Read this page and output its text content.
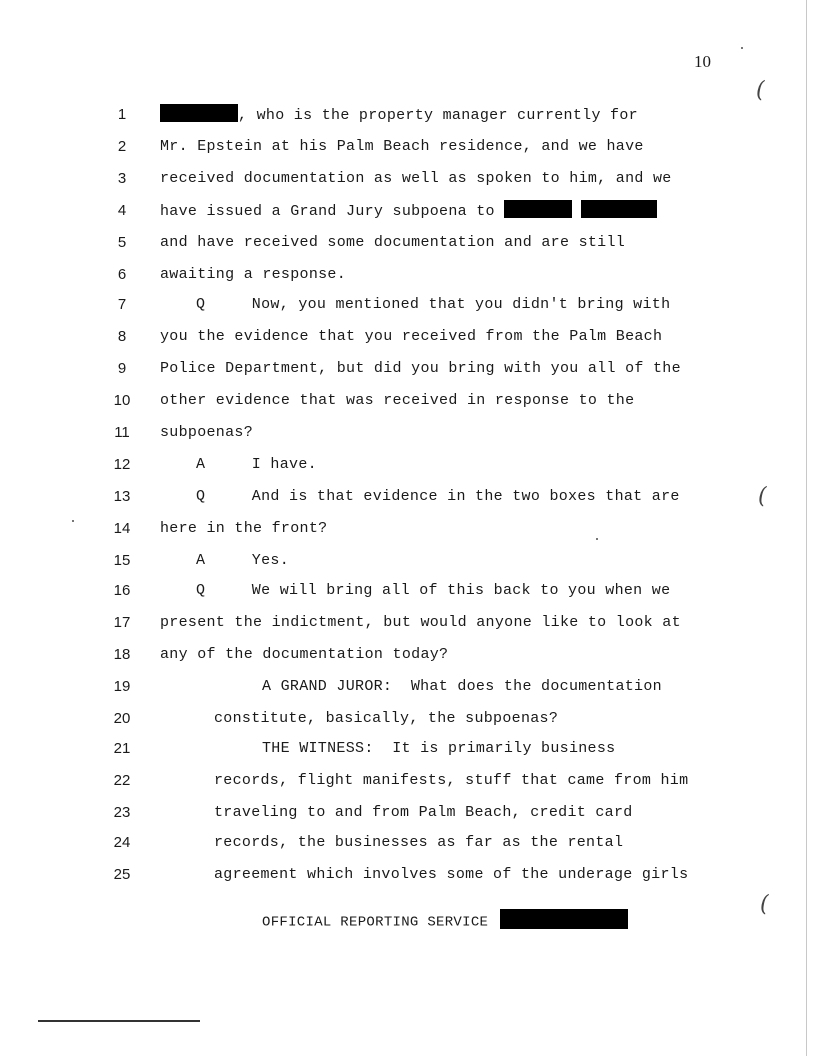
10
(
(
(
1	, who is the property manager currently for
2	Mr. Epstein at his Palm Beach residence, and we have
3	received documentation as well as spoken to him, and we
4	have issued a Grand Jury subpoena to
5	and have received some documentation and are still
6	awaiting a response.
7	Q     Now, you mentioned that you didn't bring with
8	you the evidence that you received from the Palm Beach
9	Police Department, but did you bring with you all of the
10	other evidence that was received in response to the
11	subpoenas?
12	A     I have.
13	Q     And is that evidence in the two boxes that are
14	here in the front?
15	A     Yes.
16	Q     We will bring all of this back to you when we
17	present the indictment, but would anyone like to look at
18	any of the documentation today?
19	A GRAND JUROR:  What does the documentation
20	constitute, basically, the subpoenas?
21	THE WITNESS:  It is primarily business
22	records, flight manifests, stuff that came from him
23	traveling to and from Palm Beach, credit card
24	records, the businesses as far as the rental
25	agreement which involves some of the underage girls
OFFICIAL REPORTING SERVICE
